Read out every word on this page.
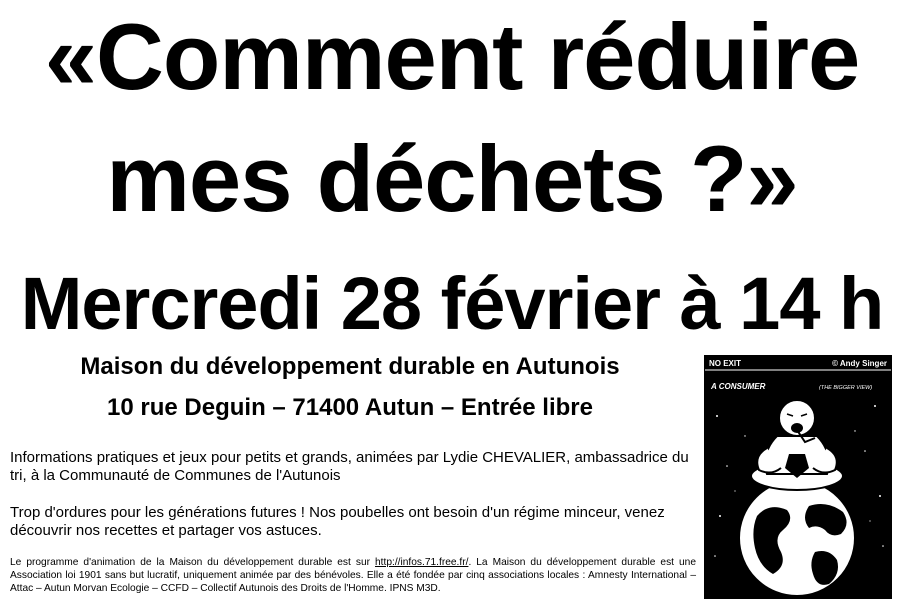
«Comment réduire
mes déchets ?»
Mercredi 28 février à 14 h
Maison du développement durable en Autunois
10 rue Deguin – 71400 Autun – Entrée libre

Informations pratiques et jeux pour petits et grands, animées par Lydie CHEVALIER, ambassadrice du tri, à la Communauté de Communes de l'Autunois

Trop d'ordures pour les générations futures ! Nos poubelles ont besoin d'un régime minceur, venez découvrir nos recettes et partager vos astuces.

Le programme d'animation de la Maison du développement durable est sur http://infos.71.free.fr/. La Maison du développement durable est une Association loi 1901 sans but lucratif, uniquement animée par des bénévoles. Elle a été fondée par cinq associations locales : Amnesty International – Attac – Autun Morvan Ecologie – CCFD – Collectif Autunois des Droits de l'Homme. IPNS M3D.
NO EXIT	© Andy Singer
A CONSUMER	(THE BIGGER VIEW)
SINGER
